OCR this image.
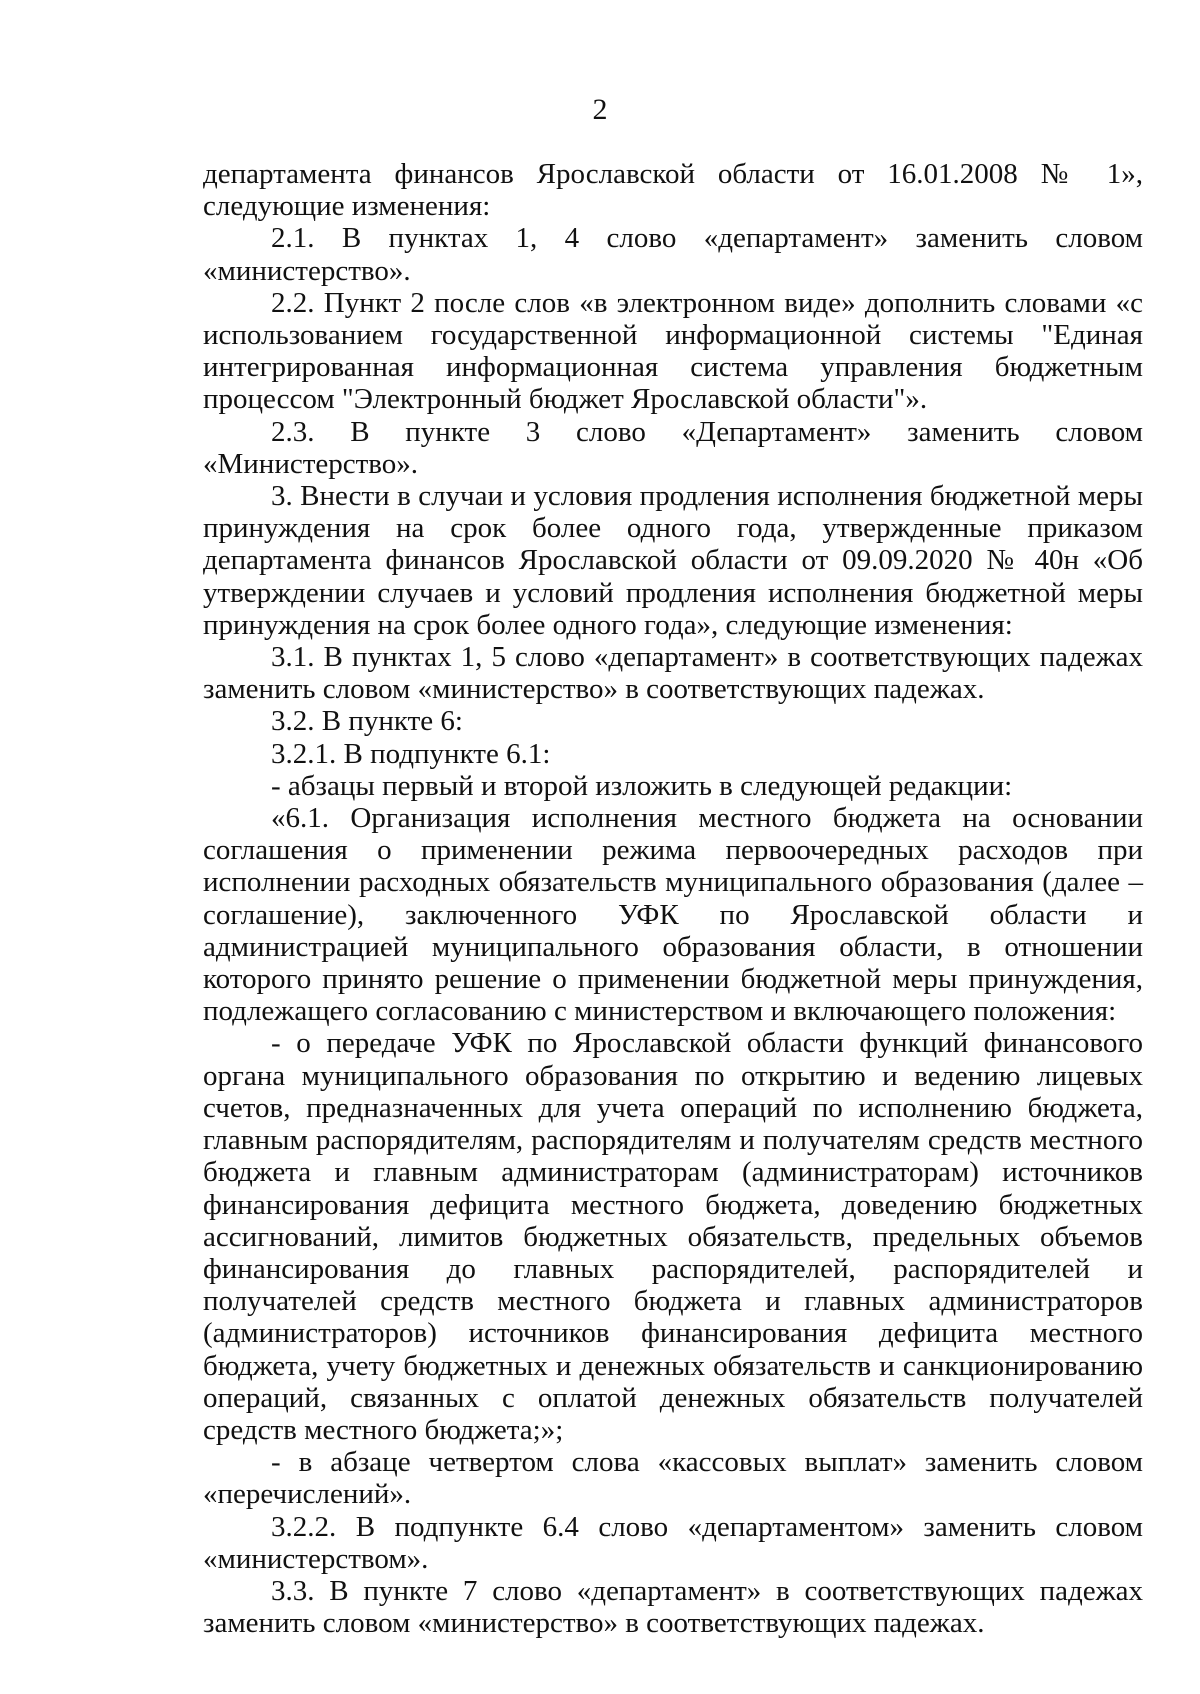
2

департамента финансов Ярославской области от 16.01.2008 № 1», следующие изменения:

2.1. В пунктах 1, 4 слово «департамент» заменить словом «министерство».

2.2. Пункт 2 после слов «в электронном виде» дополнить словами «с использованием государственной информационной системы "Единая интегрированная информационная система управления бюджетным процессом "Электронный бюджет Ярославской области"».

2.3. В пункте 3 слово «Департамент» заменить словом «Министерство».

3. Внести в случаи и условия продления исполнения бюджетной меры принуждения на срок более одного года, утвержденные приказом департамента финансов Ярославской области от 09.09.2020 № 40н «Об утверждении случаев и условий продления исполнения бюджетной меры принуждения на срок более одного года», следующие изменения:

3.1. В пунктах 1, 5 слово «департамент» в соответствующих падежах заменить словом «министерство» в соответствующих падежах.

3.2. В пункте 6:

3.2.1. В подпункте 6.1:

- абзацы первый и второй изложить в следующей редакции:

«6.1. Организация исполнения местного бюджета на основании соглашения о применении режима первоочередных расходов при исполнении расходных обязательств муниципального образования (далее – соглашение), заключенного УФК по Ярославской области и администрацией муниципального образования области, в отношении которого принято решение о применении бюджетной меры принуждения, подлежащего согласованию с министерством и включающего положения:

- о передаче УФК по Ярославской области функций финансового органа муниципального образования по открытию и ведению лицевых счетов, предназначенных для учета операций по исполнению бюджета, главным распорядителям, распорядителям и получателям средств местного бюджета и главным администраторам (администраторам) источников финансирования дефицита местного бюджета, доведению бюджетных ассигнований, лимитов бюджетных обязательств, предельных объемов финансирования до главных распорядителей, распорядителей и получателей средств местного бюджета и главных администраторов (администраторов) источников финансирования дефицита местного бюджета, учету бюджетных и денежных обязательств и санкционированию операций, связанных с оплатой денежных обязательств получателей средств местного бюджета;»;

- в абзаце четвертом слова «кассовых выплат» заменить словом «перечислений».

3.2.2. В подпункте 6.4 слово «департаментом» заменить словом «министерством».

3.3. В пункте 7 слово «департамент» в соответствующих падежах заменить словом «министерство» в соответствующих падежах.
